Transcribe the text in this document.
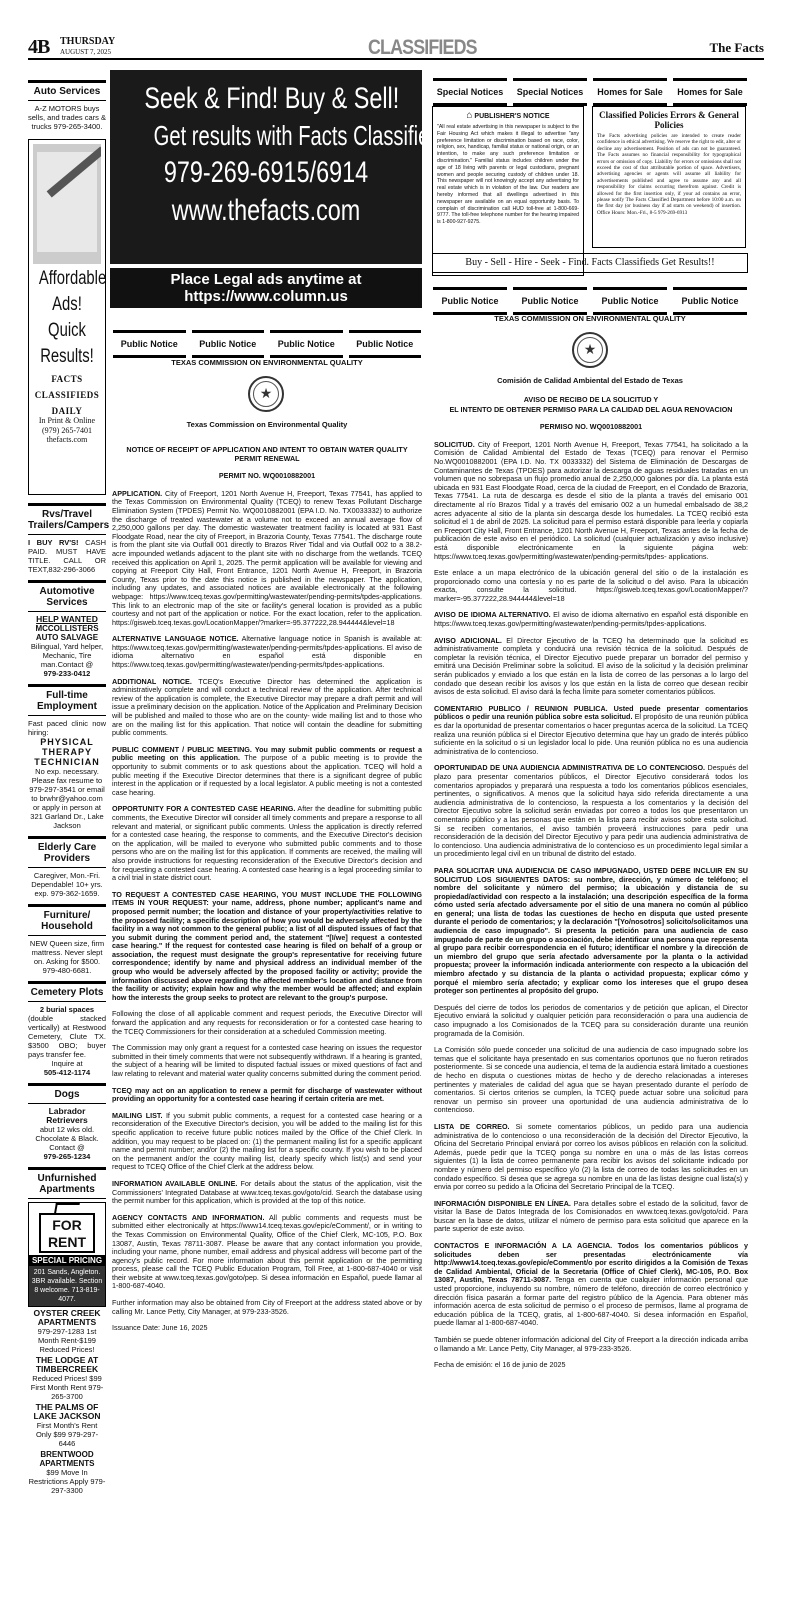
4B THURSDAY
AUGUST 7, 2025	CLASSIFIEDS	The Facts
Auto Services
A-Z MOTORS buys sells, and trades cars & trucks 979-265-3400.
Affordable
Ads!
Quick
Results!
FACTS
CLASSIFIEDS
DAILY
In Print & Online
(979) 265-7401
thefacts.com
Rvs/Travel Trailers/Campers
I BUY RV'S! CASH PAID. MUST HAVE TITLE. CALL OR TEXT,832-296-3066
Automotive Services
HELP WANTED
MCCOLLISTERS AUTO SALVAGE
Bilingual, Yard helper, Mechanic, Tire man.Contact @
979-233-0412
Full-time Employment
Fast paced clinic now hiring:
PHYSICAL THERAPY TECHNICIAN
No exp. necessary. Please fax resume to 979-297-3541 or email to brwhr@yahoo.com or apply in person at 321 Garland Dr., Lake Jackson
Elderly Care Providers
Caregiver, Mon.-Fri. Dependable! 10+ yrs. exp. 979-362-1659.
Furniture/ Household
NEW Queen size, firm mattress. Never slept on. Asking for $500. 979-480-6681.
Cemetery Plots
2 burial spaces
(double stacked vertically) at Restwood Cemetery, Clute TX. $3500 OBO; buyer pays transfer fee.
Inquire at
505-412-1174
Dogs
Labrador Retrievers
abut 12 wks old. Chocolate & Black. Contact @
979-265-1234
Unfurnished Apartments
FOR RENT
SPECIAL PRICING
201 Sands, Angleton. 3BR available. Section 8 welcome. 713-819-4077.
OYSTER CREEK APARTMENTS
979-297-1283 1st Month Rent-$199 Reduced Prices!
THE LODGE AT TIMBERCREEK
Reduced Prices! $99 First Month Rent 979-265-3700
THE PALMS OF LAKE JACKSON
First Month's Rent Only $99 979-297-6446
BRENTWOOD APARTMENTS
$99 Move In Restrictions Apply 979-297-3300
Seek & Find! Buy & Sell!
Get results with Facts Classifieds.
979-269-6915/6914
www.thefacts.com
Place Legal ads anytime at
https://www.column.us
Public Notice	Public Notice	Public Notice	Public Notice
Special Notices	Special Notices	Homes for Sale	Homes for Sale
Public Notice	Public Notice	Public Notice	Public Notice
⌂ PUBLISHER'S NOTICE
"All real estate advertising in this newspaper is subject to the Fair Housing Act which makes it illegal to advertise "any preference limitation or discrimination based on race, color, religion, sex, handicap, familial status or national origin, or an intention, to make any such preference limitation or discrimination." Familial status includes children under the age of 18 living with parents or legal custodians, pregnant women and people securing custody of children under 18. This newspaper will not knowingly accept any advertising for real estate which is in violation of the law. Our readers are hereby informed that all dwellings advertised in this newspaper are available on an equal opportunity basis. To complain of discrimination call HUD toll-free at 1-800-669-9777. The toll-free telephone number for the hearing impaired is 1-800-927-9275.
Classified Policies Errors & General Policies
The Facts advertising policies are intended to create reader confidence in ethical advertising. We reserve the right to edit, alter or decline any advertisement. Position of ads can not be guaranteed. The Facts assumes no financial responsibility for typographical errors or omission of copy. Liability for errors or omissions shall not exceed the cost of that attributable portion of space. Advertisers, advertising agencies or agents will assume all liability for advertisements published and agree to assume any and all responsibility for claims occurring therefrom against. Credit is allowed for the first insertion only, if your ad contains an error, please notify The Facts Classified Department before 10:00 a.m. on the first day (or business day if ad starts on weekend) of insertion. Office Hours: Mon.-Fri., 8-5 979-269-6913
Buy - Sell - Hire - Seek - Find. Facts Classifieds Get Results!!
TEXAS COMMISSION ON ENVIRONMENTAL QUALITY
★
Texas Commission on Environmental Quality
TEXAS COMMISSION ON ENVIRONMENTAL QUALITY
★
Comisión de Calidad Ambiental del Estado de Texas
NOTICE OF RECEIPT OF APPLICATION AND INTENT TO OBTAIN WATER QUALITY PERMIT RENEWAL
PERMIT NO. WQ0010882001

APPLICATION. City of Freeport, 1201 North Avenue H, Freeport, Texas 77541, has applied to the Texas Commission on Environmental Quality (TCEQ) to renew Texas Pollutant Discharge Elimination System (TPDES) Permit No. WQ0010882001 (EPA I.D. No. TX0033332) to authorize the discharge of treated wastewater at a volume not to exceed an annual average flow of 2,250,000 gallons per day. The domestic wastewater treatment facility is located at 931 East Floodgate Road, near the city of Freeport, in Brazoria County, Texas 77541. The discharge route is from the plant site via Outfall 001 directly to Brazos River Tidal and via Outfall 002 to a 38.2-acre impounded wetlands adjacent to the plant site with no discharge from the wetlands. TCEQ received this application on April 1, 2025. The permit application will be available for viewing and copying at Freeport City Hall, Front Entrance, 1201 North Avenue H, Freeport, in Brazoria County, Texas prior to the date this notice is published in the newspaper. The application, including any updates, and associated notices are available electronically at the following webpage: https://www.tceq.texas.gov/permitting/wastewater/pending-permits/tpdes-applications. This link to an electronic map of the site or facility's general location is provided as a public courtesy and not part of the application or notice. For the exact location, refer to the application. https://gisweb.tceq.texas.gov/LocationMapper/?marker=-95.377222,28.944444&level=18

ALTERNATIVE LANGUAGE NOTICE. Alternative language notice in Spanish is available at: https://www.tceq.texas.gov/permitting/wastewater/pending-permits/tpdes-applications. El aviso de idioma alternativo en español está disponible en https://www.tceq.texas.gov/permitting/wastewater/pending-permits/tpdes-applications.

ADDITIONAL NOTICE. TCEQ's Executive Director has determined the application is administratively complete and will conduct a technical review of the application. After technical review of the application is complete, the Executive Director may prepare a draft permit and will issue a preliminary decision on the application. Notice of the Application and Preliminary Decision will be published and mailed to those who are on the county- wide mailing list and to those who are on the mailing list for this application. That notice will contain the deadline for submitting public comments.

PUBLIC COMMENT / PUBLIC MEETING. You may submit public comments or request a public meeting on this application. The purpose of a public meeting is to provide the opportunity to submit comments or to ask questions about the application. TCEQ will hold a public meeting if the Executive Director determines that there is a significant degree of public interest in the application or if requested by a local legislator. A public meeting is not a contested case hearing.

OPPORTUNITY FOR A CONTESTED CASE HEARING. After the deadline for submitting public comments, the Executive Director will consider all timely comments and prepare a response to all relevant and material, or significant public comments. Unless the application is directly referred for a contested case hearing, the response to comments, and the Executive Director's decision on the application, will be mailed to everyone who submitted public comments and to those persons who are on the mailing list for this application. If comments are received, the mailing will also provide instructions for requesting reconsideration of the Executive Director's decision and for requesting a contested case hearing. A contested case hearing is a legal proceeding similar to a civil trial in state district court.

TO REQUEST A CONTESTED CASE HEARING, YOU MUST INCLUDE THE FOLLOWING ITEMS IN YOUR REQUEST: your name, address, phone number; applicant's name and proposed permit number; the location and distance of your property/activities relative to the proposed facility; a specific description of how you would be adversely affected by the facility in a way not common to the general public; a list of all disputed issues of fact that you submit during the comment period and, the statement "[I/we] request a contested case hearing." If the request for contested case hearing is filed on behalf of a group or association, the request must designate the group's representative for receiving future correspondence; identify by name and physical address an individual member of the group who would be adversely affected by the proposed facility or activity; provide the information discussed above regarding the affected member's location and distance from the facility or activity; explain how and why the member would be affected; and explain how the interests the group seeks to protect are relevant to the group's purpose.

Following the close of all applicable comment and request periods, the Executive Director will forward the application and any requests for reconsideration or for a contested case hearing to the TCEQ Commissioners for their consideration at a scheduled Commission meeting.

The Commission may only grant a request for a contested case hearing on issues the requestor submitted in their timely comments that were not subsequently withdrawn. If a hearing is granted, the subject of a hearing will be limited to disputed factual issues or mixed questions of fact and law relating to relevant and material water quality concerns submitted during the comment period.

TCEQ may act on an application to renew a permit for discharge of wastewater without providing an opportunity for a contested case hearing if certain criteria are met.

MAILING LIST. If you submit public comments, a request for a contested case hearing or a reconsideration of the Executive Director's decision, you will be added to the mailing list for this specific application to receive future public notices mailed by the Office of the Chief Clerk. In addition, you may request to be placed on: (1) the permanent mailing list for a specific applicant name and permit number; and/or (2) the mailing list for a specific county. If you wish to be placed on the permanent and/or the county mailing list, clearly specify which list(s) and send your request to TCEQ Office of the Chief Clerk at the address below.

INFORMATION AVAILABLE ONLINE. For details about the status of the application, visit the Commissioners' Integrated Database at www.tceq.texas.gov/goto/cid. Search the database using the permit number for this application, which is provided at the top of this notice.

AGENCY CONTACTS AND INFORMATION. All public comments and requests must be submitted either electronically at https://www14.tceq.texas.gov/epic/eComment/, or in writing to the Texas Commission on Environmental Quality, Office of the Chief Clerk, MC-105, P.O. Box 13087, Austin, Texas 78711-3087. Please be aware that any contact information you provide, including your name, phone number, email address and physical address will become part of the agency's public record. For more information about this permit application or the permitting process, please call the TCEQ Public Education Program, Toll Free, at 1-800-687-4040 or visit their website at www.tceq.texas.gov/goto/pep. Si desea información en Español, puede llamar al 1-800-687-4040.

Further information may also be obtained from City of Freeport at the address stated above or by calling Mr. Lance Petty, City Manager, at 979-233-3526.

Issuance Date: June 16, 2025

AVISO DE RECIBO DE LA SOLICITUD Y
EL INTENTO DE OBTENER PERMISO PARA LA CALIDAD DEL AGUA RENOVACION
PERMISO NO. WQ0010882001

SOLICITUD. City of Freeport, 1201 North Avenue H, Freeport, Texas 77541, ha solicitado a la Comisión de Calidad Ambiental del Estado de Texas (TCEQ) para renovar el Permiso No.WQ0010882001 (EPA I.D. No. TX 0033332) del Sistema de Eliminación de Descargas de Contaminantes de Texas (TPDES) para autorizar la descarga de aguas residuales tratadas en un volumen que no sobrepasa un flujo promedio anual de 2,250,000 galones por día. La planta está ubicada en 931 East Floodgate Road, cerca de la ciudad de Freeport, en el Condado de Brazoria, Texas 77541. La ruta de descarga es desde el sitio de la planta a través del emisario 001 directamente al río Brazos Tidal y a través del emisario 002 a un humedal embalsado de 38,2 acres adyacente al sitio de la planta sin descarga desde los humedales. La TCEQ recibió esta solicitud el 1 de abril de 2025. La solicitud para el permiso estará disponible para leerla y copiarla en Freeport City Hall, Front Entrance, 1201 North Avenue H, Freeport, Texas antes de la fecha de publicación de este aviso en el periódico. La solicitud (cualquier actualización y aviso inclusive) está disponible electrónicamente en la siguiente página web: https://www.tceq.texas.gov/permitting/wastewater/pending-permits/tpdes- applications.

Este enlace a un mapa electrónico de la ubicación general del sitio o de la instalación es proporcionado como una cortesía y no es parte de la solicitud o del aviso. Para la ubicación exacta, consulte la solicitud. https://gisweb.tceq.texas.gov/LocationMapper/?marker=-95.377222,28.944444&level=18

AVISO DE IDIOMA ALTERNATIVO. El aviso de idioma alternativo en español está disponible en https://www.tceq.texas.gov/permitting/wastewater/pending-permits/tpdes-applications.

AVISO ADICIONAL. El Director Ejecutivo de la TCEQ ha determinado que la solicitud es administrativamente completa y conducirá una revisión técnica de la solicitud. Después de completar la revisión técnica, el Director Ejecutivo puede preparar un borrador del permiso y emitirá una Decisión Preliminar sobre la solicitud. El aviso de la solicitud y la decisión preliminar serán publicados y enviado a los que están en la lista de correo de las personas a lo largo del condado que desean recibir los avisos y los que están en la lista de correo que desean recibir avisos de esta solicitud. El aviso dará la fecha límite para someter comentarios públicos.

COMENTARIO PUBLICO / REUNION PUBLICA. Usted puede presentar comentarios públicos o pedir una reunión pública sobre esta solicitud. El propósito de una reunión pública es dar la oportunidad de presentar comentarios o hacer preguntas acerca de la solicitud. La TCEQ realiza una reunión pública si el Director Ejecutivo determina que hay un grado de interés público suficiente en la solicitud o si un legislador local lo pide. Una reunión pública no es una audiencia administrativa de lo contencioso.

OPORTUNIDAD DE UNA AUDIENCIA ADMINISTRATIVA DE LO CONTENCIOSO. Después del plazo para presentar comentarios públicos, el Director Ejecutivo considerará todos los comentarios apropiados y preparará una respuesta a todo los comentarios públicos esenciales, pertinentes, o significativos. A menos que la solicitud haya sido referida directamente a una audiencia administrativa de lo contencioso, la respuesta a los comentarios y la decisión del Director Ejecutivo sobre la solicitud serán enviadas por correo a todos los que presentaron un comentario público y a las personas que están en la lista para recibir avisos sobre esta solicitud. Si se reciben comentarios, el aviso también proveerá instrucciones para pedir una reconsideración de la decisión del Director Ejecutivo y para pedir una audiencia administrativa de lo contencioso. Una audiencia administrativa de lo contencioso es un procedimiento legal similar a un procedimiento legal civil en un tribunal de distrito del estado.

PARA SOLICITAR UNA AUDIENCIA DE CASO IMPUGNADO, USTED DEBE INCLUIR EN SU SOLICITUD LOS SIGUIENTES DATOS: su nombre, dirección, y número de teléfono; el nombre del solicitante y número del permiso; la ubicación y distancia de su propiedad/actividad con respecto a la instalación; una descripción específica de la forma cómo usted sería afectado adversamente por el sitio de una manera no común al público en general; una lista de todas las cuestiones de hecho en disputa que usted presente durante el periodo de comentarios; y la declaración "[Yo/nosotros] solicito/solicitamos una audiencia de caso impugnado". Si presenta la petición para una audiencia de caso impugnado de parte de un grupo o asociación, debe identificar una persona que representa al grupo para recibir correspondencia en el futuro; identificar el nombre y la dirección de un miembro del grupo que sería afectado adversamente por la planta o la actividad propuesta; proveer la información indicada anteriormente con respecto a la ubicación del miembro afectado y su distancia de la planta o actividad propuesta; explicar cómo y porqué el miembro sería afectado; y explicar como los intereses que el grupo desea proteger son pertinentes al propósito del grupo.

Después del cierre de todos los periodos de comentarios y de petición que aplican, el Director Ejecutivo enviará la solicitud y cualquier petición para reconsideración o para una audiencia de caso impugnado a los Comisionados de la TCEQ para su consideración durante una reunión programada de la Comisión.

La Comisión sólo puede conceder una solicitud de una audiencia de caso impugnado sobre los temas que el solicitante haya presentado en sus comentarios oportunos que no fueron retirados posteriormente. Si se concede una audiencia, el tema de la audiencia estará limitado a cuestiones de hecho en disputa o cuestiones mixtas de hecho y de derecho relacionadas a intereses pertinentes y materiales de calidad del agua que se hayan presentado durante el período de comentarios. Si ciertos criterios se cumplen, la TCEQ puede actuar sobre una solicitud para renovar un permiso sin proveer una oportunidad de una audiencia administrativa de lo contencioso.

LISTA DE CORREO. Si somete comentarios públicos, un pedido para una audiencia administrativa de lo contencioso o una reconsideración de la decisión del Director Ejecutivo, la Oficina del Secretario Principal enviará por correo los avisos públicos en relación con la solicitud. Además, puede pedir que la TCEQ ponga su nombre en una o más de las listas correos siguientes (1) la lista de correo permanente para recibir los avisos del solicitante indicado por nombre y número del permiso específico y/o (2) la lista de correo de todas las solicitudes en un condado específico. Si desea que se agrega su nombre en una de las listas designe cual lista(s) y envia por correo su pedido a la Oficina del Secretario Principal de la TCEQ.

INFORMACIÓN DISPONIBLE EN LÍNEA. Para detalles sobre el estado de la solicitud, favor de visitar la Base de Datos Integrada de los Comisionados en www.tceq.texas.gov/goto/cid. Para buscar en la base de datos, utilizar el número de permiso para esta solicitud que aparece en la parte superior de este aviso.

CONTACTOS E INFORMACIÓN A LA AGENCIA. Todos los comentarios públicos y solicitudes deben ser presentadas electrónicamente vía http://www14.tceq.texas.gov/epic/eComment/o por escrito dirigidos a la Comisión de Texas de Calidad Ambiental, Oficial de la Secretaria (Office of Chief Clerk), MC-105, P.O. Box 13087, Austin, Texas 78711-3087. Tenga en cuenta que cualquier información personal que usted proporcione, incluyendo su nombre, número de teléfono, dirección de correo electrónico y dirección física pasarán a formar parte del registro público de la Agencia. Para obtener más información acerca de esta solicitud de permiso o el proceso de permisos, llame al programa de educación pública de la TCEQ, gratis, al 1-800-687-4040. Si desea información en Español, puede llamar al 1-800-687-4040.

También se puede obtener información adicional del City of Freeport a la dirección indicada arriba o llamando a Mr. Lance Petty, City Manager, al 979-233-3526.

Fecha de emisión: el 16 de junio de 2025
